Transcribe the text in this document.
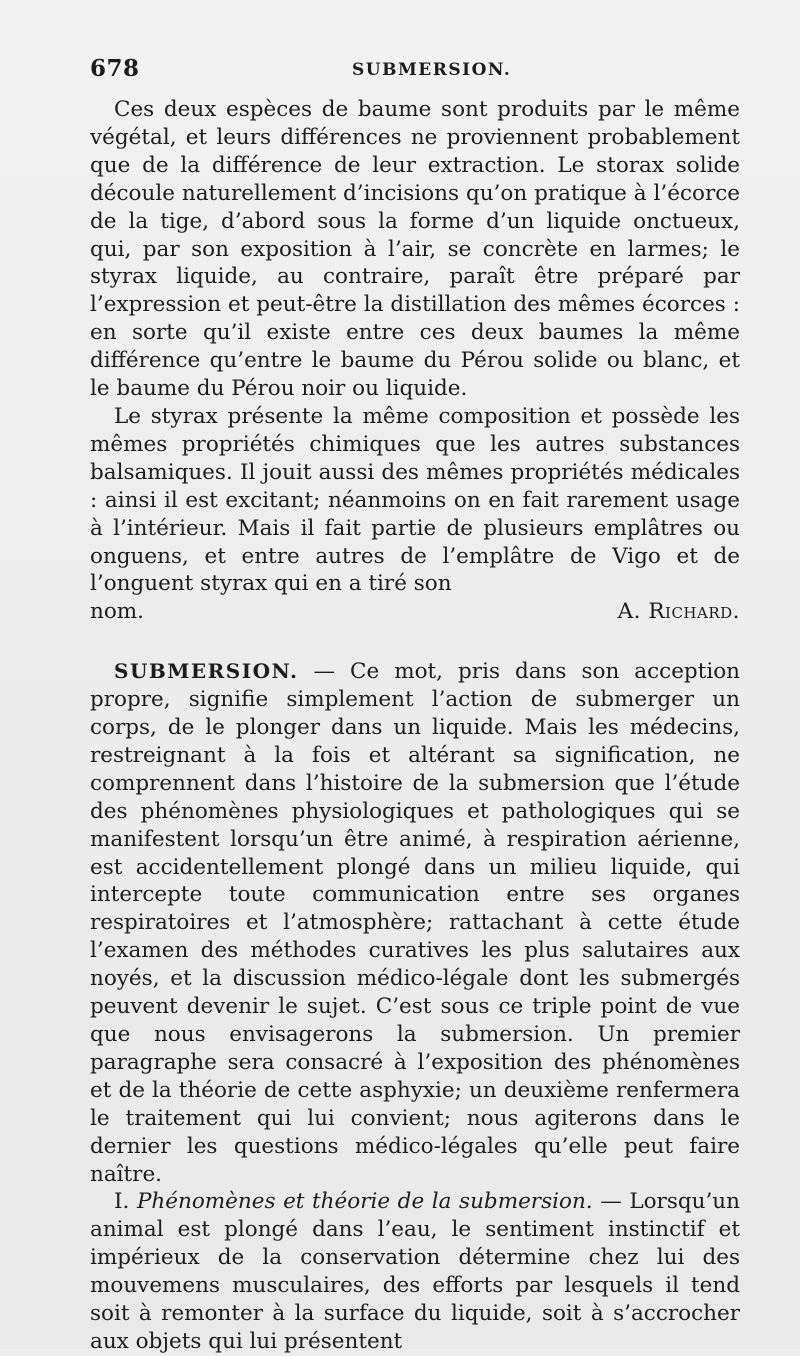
678	SUBMERSION.

Ces deux espèces de baume sont produits par le même végétal, et leurs différences ne proviennent probablement que de la différence de leur extraction. Le storax solide découle naturellement d’incisions qu’on pratique à l’écorce de la tige, d’abord sous la forme d’un liquide onctueux, qui, par son exposition à l’air, se concrète en larmes; le styrax liquide, au contraire, paraît être préparé par l’expression et peut-être la distillation des mêmes écorces : en sorte qu’il existe entre ces deux baumes la même différence qu’entre le baume du Pérou solide ou blanc, et le baume du Pérou noir ou liquide.

Le styrax présente la même composition et possède les mêmes propriétés chimiques que les autres substances balsamiques. Il jouit aussi des mêmes propriétés médicales : ainsi il est excitant; néanmoins on en fait rarement usage à l’intérieur. Mais il fait partie de plusieurs emplâtres ou onguens, et entre autres de l’emplâtre de Vigo et de l’onguent styrax qui en a tiré son

nom.	A. Richard.

SUBMERSION. — Ce mot, pris dans son acception propre, signifie simplement l’action de submerger un corps, de le plonger dans un liquide. Mais les médecins, restreignant à la fois et altérant sa signification, ne comprennent dans l’histoire de la submersion que l’étude des phénomènes physiologiques et pathologiques qui se manifestent lorsqu’un être animé, à respiration aérienne, est accidentellement plongé dans un milieu liquide, qui intercepte toute communication entre ses organes respiratoires et l’atmosphère; rattachant à cette étude l’examen des méthodes curatives les plus salutaires aux noyés, et la discussion médico-légale dont les submergés peuvent devenir le sujet. C’est sous ce triple point de vue que nous envisagerons la submersion. Un premier paragraphe sera consacré à l’exposition des phénomènes et de la théorie de cette asphyxie; un deuxième renfermera le traitement qui lui convient; nous agiterons dans le dernier les questions médico-légales qu’elle peut faire naître.

I. Phénomènes et théorie de la submersion. — Lorsqu’un animal est plongé dans l’eau, le sentiment instinctif et impérieux de la conservation détermine chez lui des mouvemens musculaires, des efforts par lesquels il tend soit à remonter à la surface du liquide, soit à s’accrocher aux objets qui lui présentent
